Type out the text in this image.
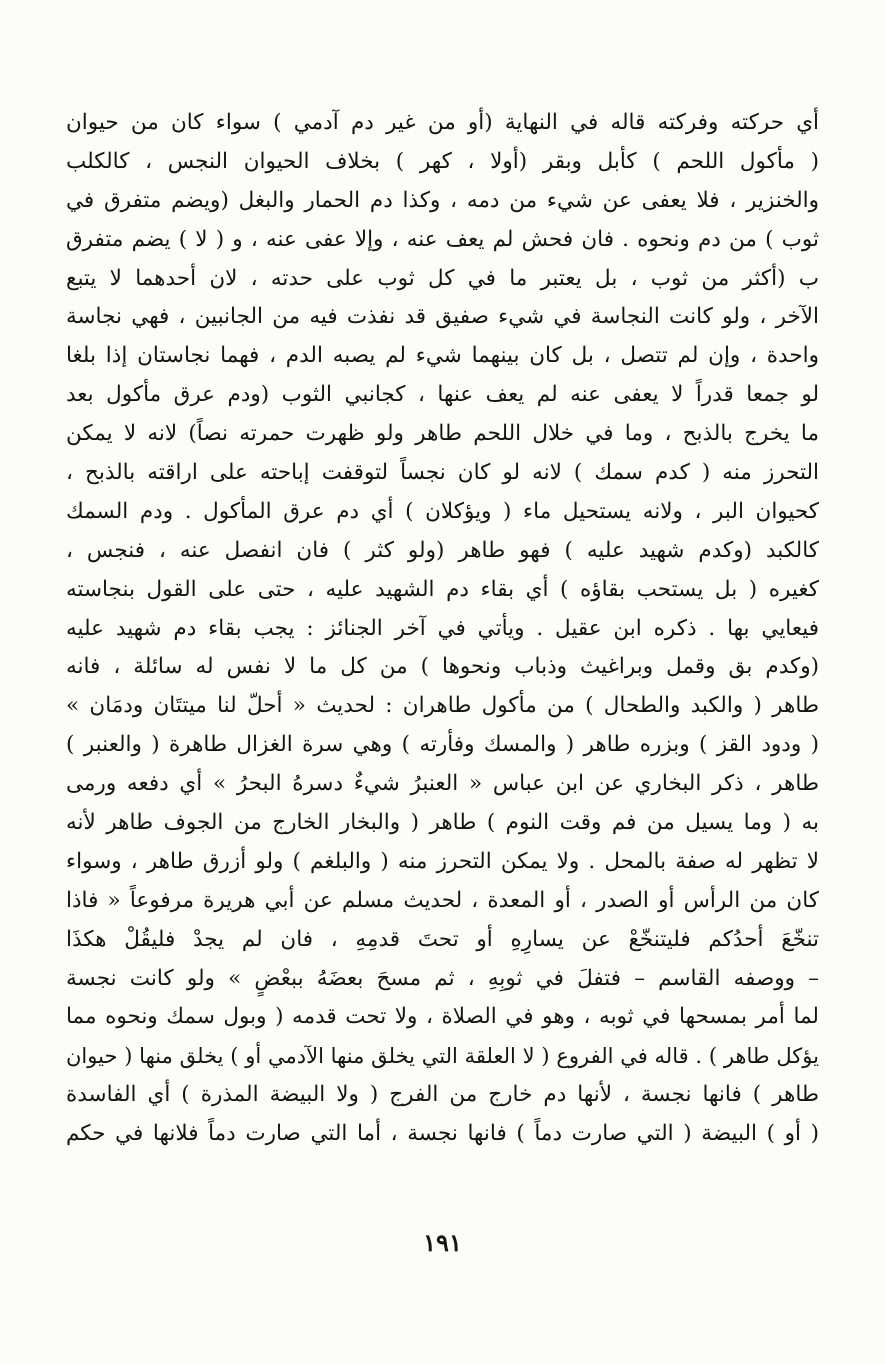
أي حركته وفركته قاله في النهاية (أو من غير دم آدمي ) سواء كان من حيوان
( مأكول اللحم ) كأبل وبقر (أولا ، كهر ) بخلاف الحيوان النجس ، كالكلب
والخنزير ، فلا يعفى عن شيء من دمه ، وكذا دم الحمار والبغل (ويضم متفرق في
ثوب ) من دم ونحوه . فان فحش لم يعف عنه ، وإلا عفى عنه ، و ( لا ) يضم متفرق
ب (أكثر من ثوب ، بل يعتبر ما في كل ثوب على حدته ، لان أحدهما لا يتبع
الآخر ، ولو كانت النجاسة في شيء صفيق قد نفذت فيه من الجانبين ، فهي نجاسة
واحدة ، وإن لم تتصل ، بل كان بينهما شيء لم يصبه الدم ، فهما نجاستان إذا بلغا
لو جمعا قدراً لا يعفى عنه لم يعف عنها ، كجانبي الثوب (ودم عرق مأكول بعد
ما يخرج بالذبح ، وما في خلال اللحم طاهر ولو ظهرت حمرته نصاً) لانه لا يمكن
التحرز منه ( كدم سمك ) لانه لو كان نجساً لتوقفت إباحته على اراقته بالذبح ،
كحيوان البر ، ولانه يستحيل ماء ( ويؤكلان ) أي دم عرق المأكول . ودم السمك
كالكبد (وكدم شهيد عليه ) فهو طاهر (ولو كثر ) فان انفصل عنه ، فنجس ،
كغيره ( بل يستحب بقاؤه ) أي بقاء دم الشهيد عليه ، حتى على القول بنجاسته
فيعايي بها . ذكره ابن عقيل . ويأتي في آخر الجنائز : يجب بقاء دم شهيد عليه
(وكدم بق وقمل وبراغيث وذباب ونحوها ) من كل ما لا نفس له سائلة ، فانه
طاهر ( والكبد والطحال ) من مأكول طاهران : لحديث « أحلّ لنا ميتتَان ودمَان »
( ودود القز ) وبزره طاهر ( والمسك وفأرته ) وهي سرة الغزال طاهرة ( والعنبر )
طاهر ، ذكر البخاري عن ابن عباس « العنبرُ شيءٌ دسرهُ البحرُ » أي دفعه ورمى
به ( وما يسيل من فم وقت النوم ) طاهر ( والبخار الخارج من الجوف طاهر لأنه
لا تظهر له صفة بالمحل . ولا يمكن التحرز منه ( والبلغم ) ولو أزرق طاهر ، وسواء
كان من الرأس أو الصدر ، أو المعدة ، لحديث مسلم عن أبي هريرة مرفوعاً « فاذا
تنخّعَ أحدُكم فليتنخّعْ عن يسارِهِ أو تحتَ قدمِهِ ، فان لم يجدْ فليقُلْ هكذَا
– ووصفه القاسم – فتفلَ في ثوبِهِ ، ثم مسحَ بعضَهُ ببعْضٍ » ولو كانت نجسة
لما أمر بمسحها في ثوبه ، وهو في الصلاة ، ولا تحت قدمه ( وبول سمك ونحوه مما
يؤكل طاهر ) . قاله في الفروع ( لا العلقة التي يخلق منها الآدمي أو ) يخلق منها ( حيوان
طاهر ) فانها نجسة ، لأنها دم خارج من الفرج ( ولا البيضة المذرة ) أي الفاسدة
( أو ) البيضة ( التي صارت دماً ) فانها نجسة ، أما التي صارت دماً فلانها في حكم
١٩١
